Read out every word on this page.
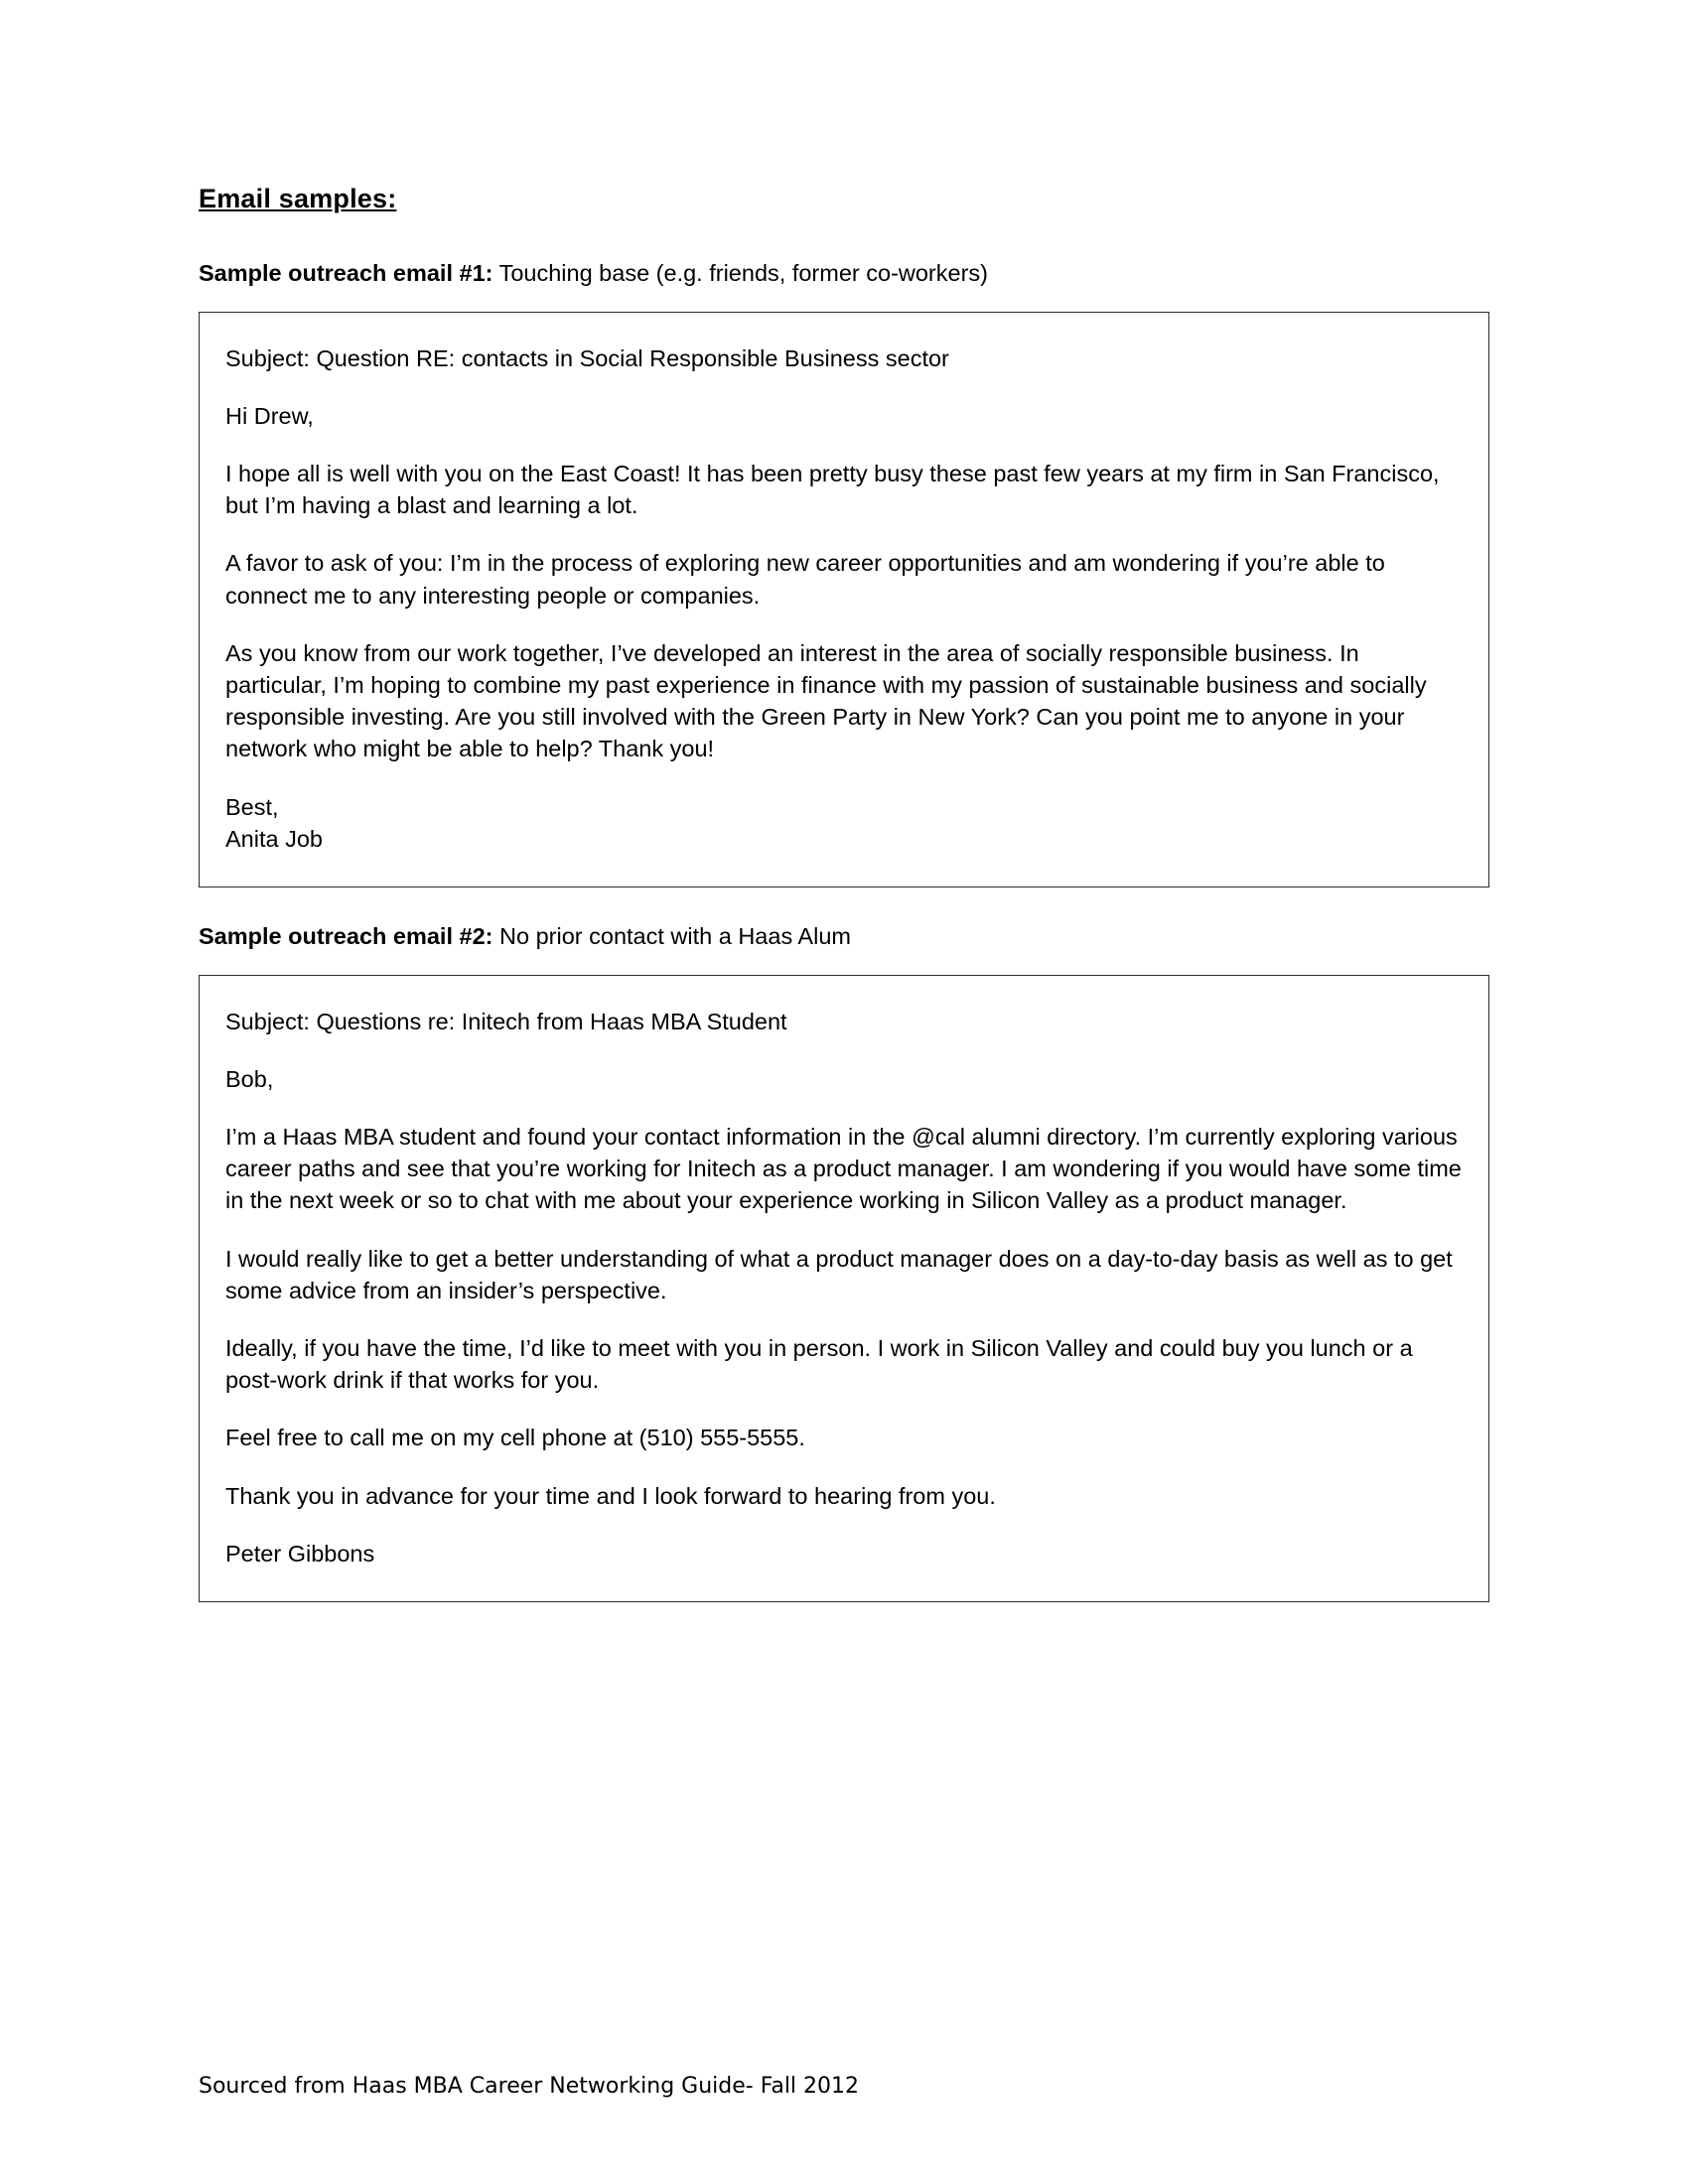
Email samples:

Sample outreach email #1: Touching base (e.g. friends, former co-workers)

Subject: Question RE: contacts in Social Responsible Business sector

Hi Drew,

I hope all is well with you on the East Coast! It has been pretty busy these past few years at my firm in San Francisco, but I’m having a blast and learning a lot.

A favor to ask of you: I’m in the process of exploring new career opportunities and am wondering if you’re able to connect me to any interesting people or companies.

As you know from our work together, I’ve developed an interest in the area of socially responsible business. In particular, I’m hoping to combine my past experience in finance with my passion of sustainable business and socially responsible investing. Are you still involved with the Green Party in New York? Can you point me to anyone in your network who might be able to help? Thank you!

Best,
Anita Job

Sample outreach email #2: No prior contact with a Haas Alum

Subject: Questions re: Initech from Haas MBA Student

Bob,

I’m a Haas MBA student and found your contact information in the @cal alumni directory. I’m currently exploring various career paths and see that you’re working for Initech as a product manager. I am wondering if you would have some time in the next week or so to chat with me about your experience working in Silicon Valley as a product manager.

I would really like to get a better understanding of what a product manager does on a day-to-day basis as well as to get some advice from an insider’s perspective.

Ideally, if you have the time, I’d like to meet with you in person. I work in Silicon Valley and could buy you lunch or a post-work drink if that works for you.

Feel free to call me on my cell phone at (510) 555-5555.

Thank you in advance for your time and I look forward to hearing from you.

Peter Gibbons

Sourced from Haas MBA Career Networking Guide- Fall 2012
